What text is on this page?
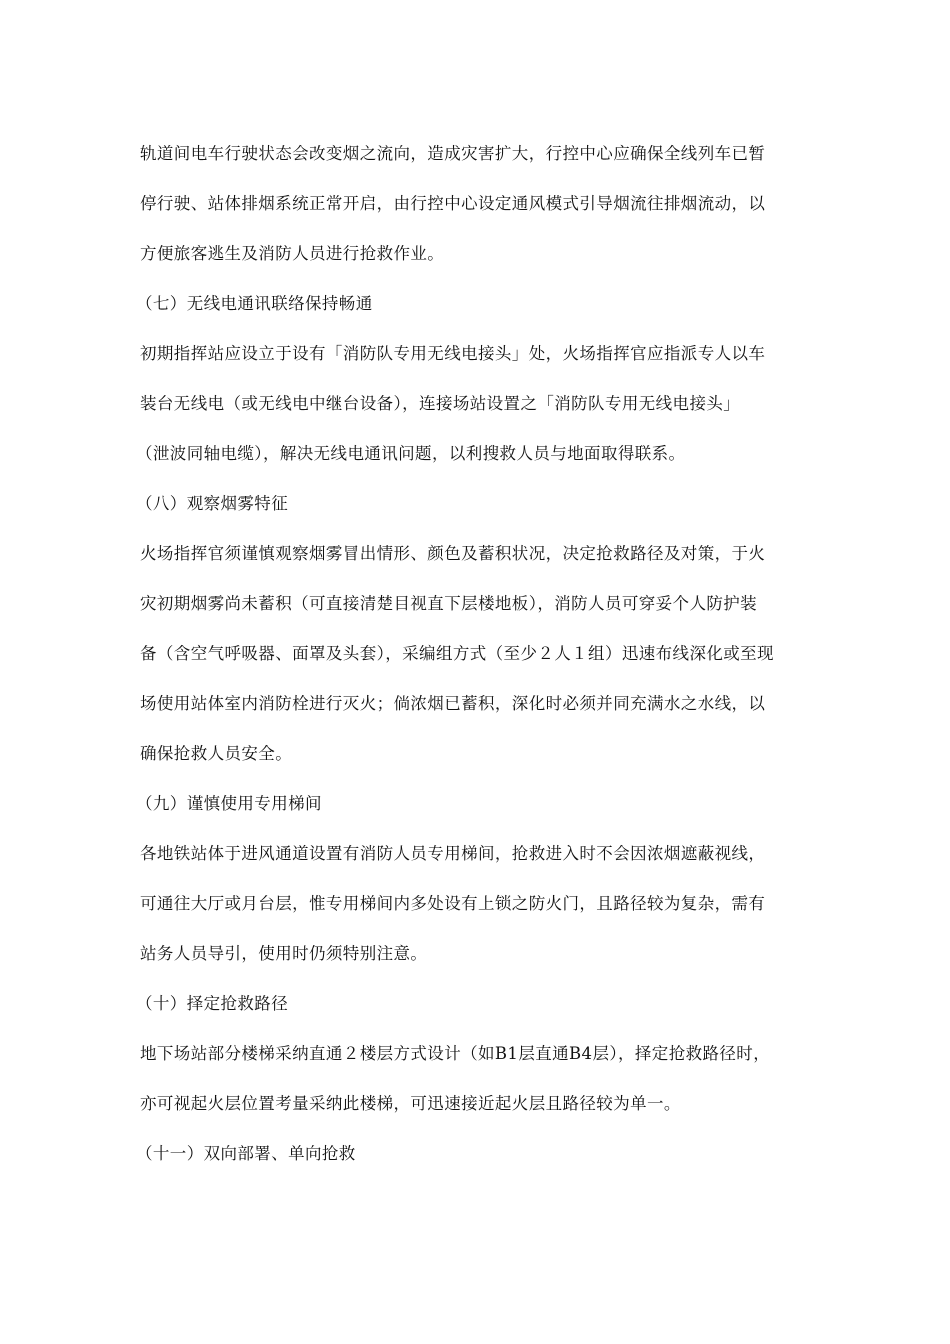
轨道间电车行驶状态会改变烟之流向，造成灾害扩大，行控中心应确保全线列车已暂
停行驶、站体排烟系统正常开启，由行控中心设定通风模式引导烟流往排烟流动，以
方便旅客逃生及消防人员进行抢救作业。
（七）无线电通讯联络保持畅通
初期指挥站应设立于设有「消防队专用无线电接头」处，火场指挥官应指派专人以车
装台无线电（或无线电中继台设备），连接场站设置之「消防队专用无线电接头」
（泄波同轴电缆），解决无线电通讯问题，以利搜救人员与地面取得联系。
（八）观察烟雾特征
火场指挥官须谨慎观察烟雾冒出情形、颜色及蓄积状况，决定抢救路径及对策，于火
灾初期烟雾尚未蓄积（可直接清楚目视直下层楼地板），消防人员可穿妥个人防护装
备（含空气呼吸器、面罩及头套），采编组方式（至少２人１组）迅速布线深化或至现
场使用站体室内消防栓进行灭火；倘浓烟已蓄积，深化时必须并同充满水之水线，以
确保抢救人员安全。
（九）谨慎使用专用梯间
各地铁站体于进风通道设置有消防人员专用梯间，抢救进入时不会因浓烟遮蔽视线，
可通往大厅或月台层，惟专用梯间内多处设有上锁之防火门，且路径较为复杂，需有
站务人员导引，使用时仍须特别注意。
（十）择定抢救路径
地下场站部分楼梯采纳直通２楼层方式设计（如B1层直通B4层），择定抢救路径时，
亦可视起火层位置考量采纳此楼梯，可迅速接近起火层且路径较为单一。
（十一）双向部署、单向抢救
